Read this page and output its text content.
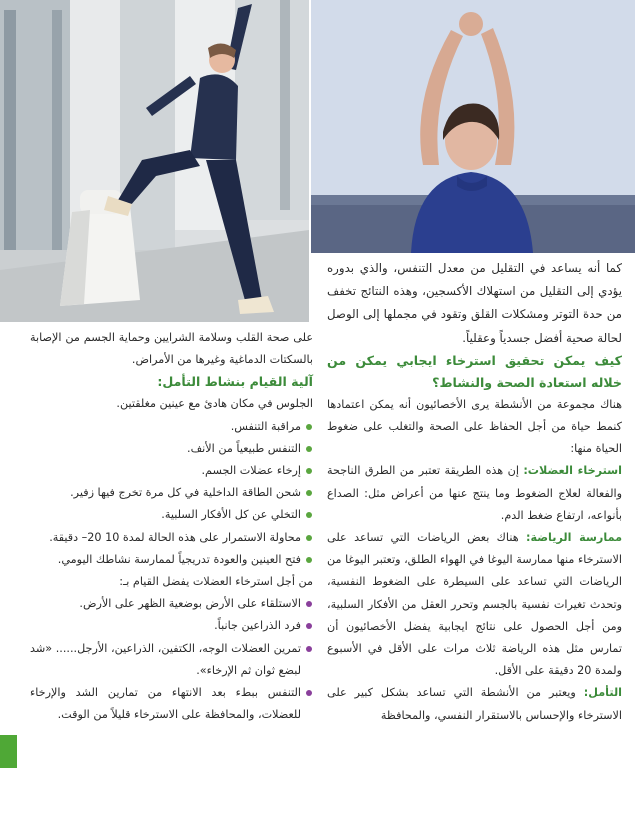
كما أنه يساعد في التقليل من معدل التنفس، والذي بدوره يؤدي إلى التقليل من استهلاك الأكسجين، وهذه النتائج تخفف من حدة التوتر ومشكلات القلق وتقود في مجملها إلى الوصل لحالة صحية أفضل جسدياً وعقلياً.

كيف يمكن تحقيق استرخاء ايجابي يمكن من خلاله استعادة الصحة والنشاط؟

هناك مجموعة من الأنشطة يرى الأخصائيون أنه يمكن اعتمادها كنمط حياة من أجل الحفاظ على الصحة والتغلب على ضغوط الحياة منها:

استرخاء العضلات: إن هذه الطريقة تعتبر من الطرق الناجحة والفعالة لعلاج الضغوط وما ينتج عنها من أعراض مثل: الصداع بأنواعه، ارتفاع ضغط الدم.

ممارسة الرياضة: هناك بعض الرياضات التي تساعد على الاسترخاء منها ممارسة اليوغا في الهواء الطلق، وتعتبر اليوغا من الرياضات التي تساعد على السيطرة على الضغوط النفسية، وتحدث تغيرات نفسية بالجسم وتحرر العقل من الأفكار السلبية، ومن أجل الحصول على نتائج ايجابية يفضل الأخصائيون أن تمارس مثل هذه الرياضة ثلاث مرات على الأقل في الأسبوع ولمدة 20 دقيقة على الأقل.

التأمل: ويعتبر من الأنشطة التي تساعد بشكل كبير على الاسترخاء والإحساس بالاستقرار النفسي، والمحافظة

على صحة القلب وسلامة الشرايين وحماية الجسم من الإصابة بالسكتات الدماغية وغيرها من الأمراض.

آلية القيام بنشاط التأمل:

الجلوس في مكان هادئ مع عينين مغلقتين.

مراقبة التنفس.
التنفس طبيعياً من الأنف.
إرخاء عضلات الجسم.
شحن الطاقة الداخلية في كل مرة تخرج فيها زفير.
التخلي عن كل الأفكار السلبية.
محاولة الاستمرار على هذه الحالة لمدة 10 20– دقيقة.
فتح العينين والعودة تدريجياً لممارسة نشاطك اليومي.

من أجل استرخاء العضلات يفضل القيام بـ:

الاستلقاء على الأرض بوضعية الظهر على الأرض.
فرد الذراعين جانباً.
تمرين العضلات الوجه، الكتفين، الذراعين، الأرجل...... «شد لبضع ثوان ثم الإرخاء».
التنفس ببطء بعد الانتهاء من تمارين الشد والإرخاء للعضلات، والمحافظة على الاسترخاء قليلاً من الوقت.
